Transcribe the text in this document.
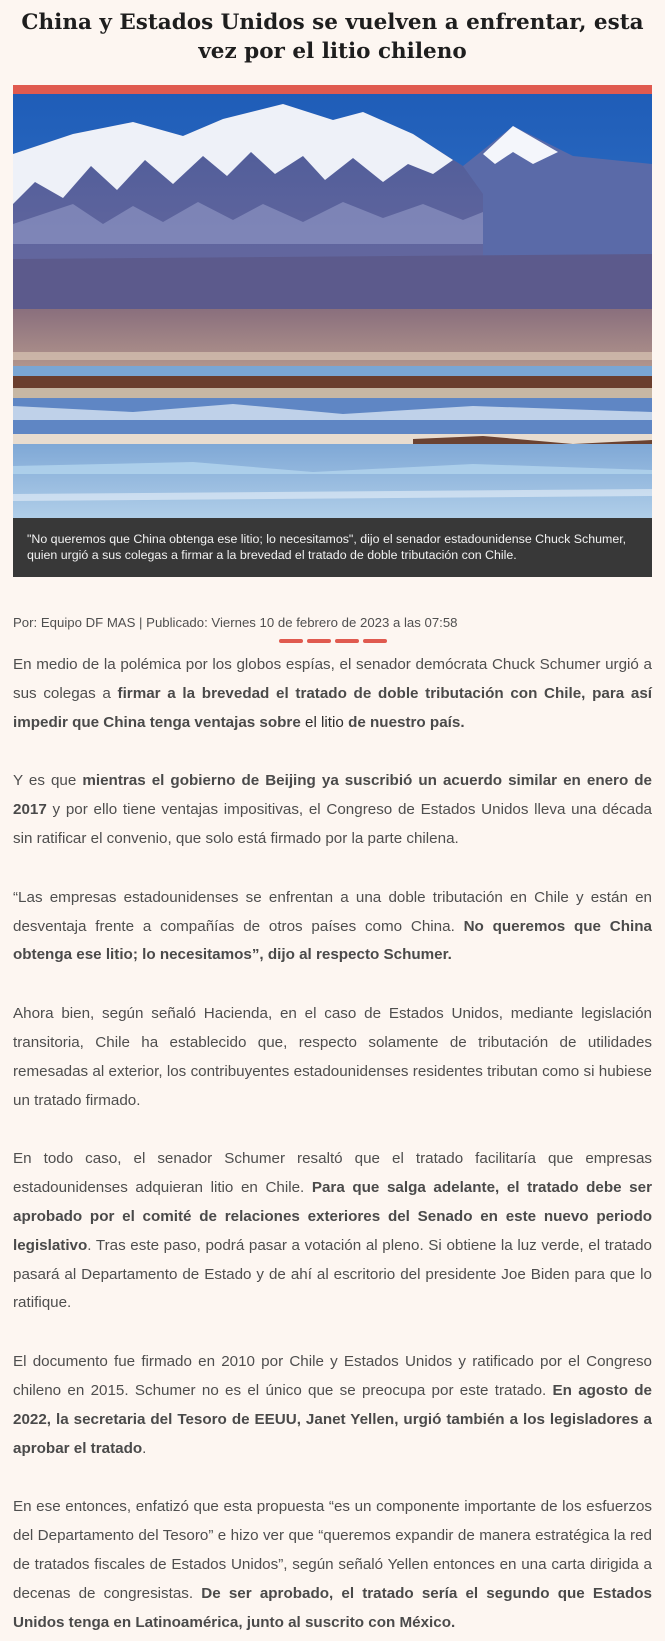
China y Estados Unidos se vuelven a enfrentar, esta vez por el litio chileno
"No queremos que China obtenga ese litio; lo necesitamos", dijo el senador estadounidense Chuck Schumer, quien urgió a sus colegas a firmar a la brevedad el tratado de doble tributación con Chile.
Por: Equipo DF MAS | Publicado: Viernes 10 de febrero de 2023 a las 07:58

En medio de la polémica por los globos espías, el senador demócrata Chuck Schumer urgió a sus colegas a firmar a la brevedad el tratado de doble tributación con Chile, para así impedir que China tenga ventajas sobre el litio de nuestro país.

Y es que mientras el gobierno de Beijing ya suscribió un acuerdo similar en enero de 2017 y por ello tiene ventajas impositivas, el Congreso de Estados Unidos lleva una década sin ratificar el convenio, que solo está firmado por la parte chilena.

“Las empresas estadounidenses se enfrentan a una doble tributación en Chile y están en desventaja frente a compañías de otros países como China. No queremos que China obtenga ese litio; lo necesitamos”, dijo al respecto Schumer.

Ahora bien, según señaló Hacienda, en el caso de Estados Unidos, mediante legislación transitoria, Chile ha establecido que, respecto solamente de tributación de utilidades remesadas al exterior, los contribuyentes estadounidenses residentes tributan como si hubiese un tratado firmado.

En todo caso, el senador Schumer resaltó que el tratado facilitaría que empresas estadounidenses adquieran litio en Chile. Para que salga adelante, el tratado debe ser aprobado por el comité de relaciones exteriores del Senado en este nuevo periodo legislativo. Tras este paso, podrá pasar a votación al pleno. Si obtiene la luz verde, el tratado pasará al Departamento de Estado y de ahí al escritorio del presidente Joe Biden para que lo ratifique.

El documento fue firmado en 2010 por Chile y Estados Unidos y ratificado por el Congreso chileno en 2015. Schumer no es el único que se preocupa por este tratado. En agosto de 2022, la secretaria del Tesoro de EEUU, Janet Yellen, urgió también a los legisladores a aprobar el tratado.

En ese entonces, enfatizó que esta propuesta “es un componente importante de los esfuerzos del Departamento del Tesoro” e hizo ver que “queremos expandir de manera estratégica la red de tratados fiscales de Estados Unidos”, según señaló Yellen entonces en una carta dirigida a decenas de congresistas. De ser aprobado, el tratado sería el segundo que Estados Unidos tenga en Latinoamérica, junto al suscrito con México.
